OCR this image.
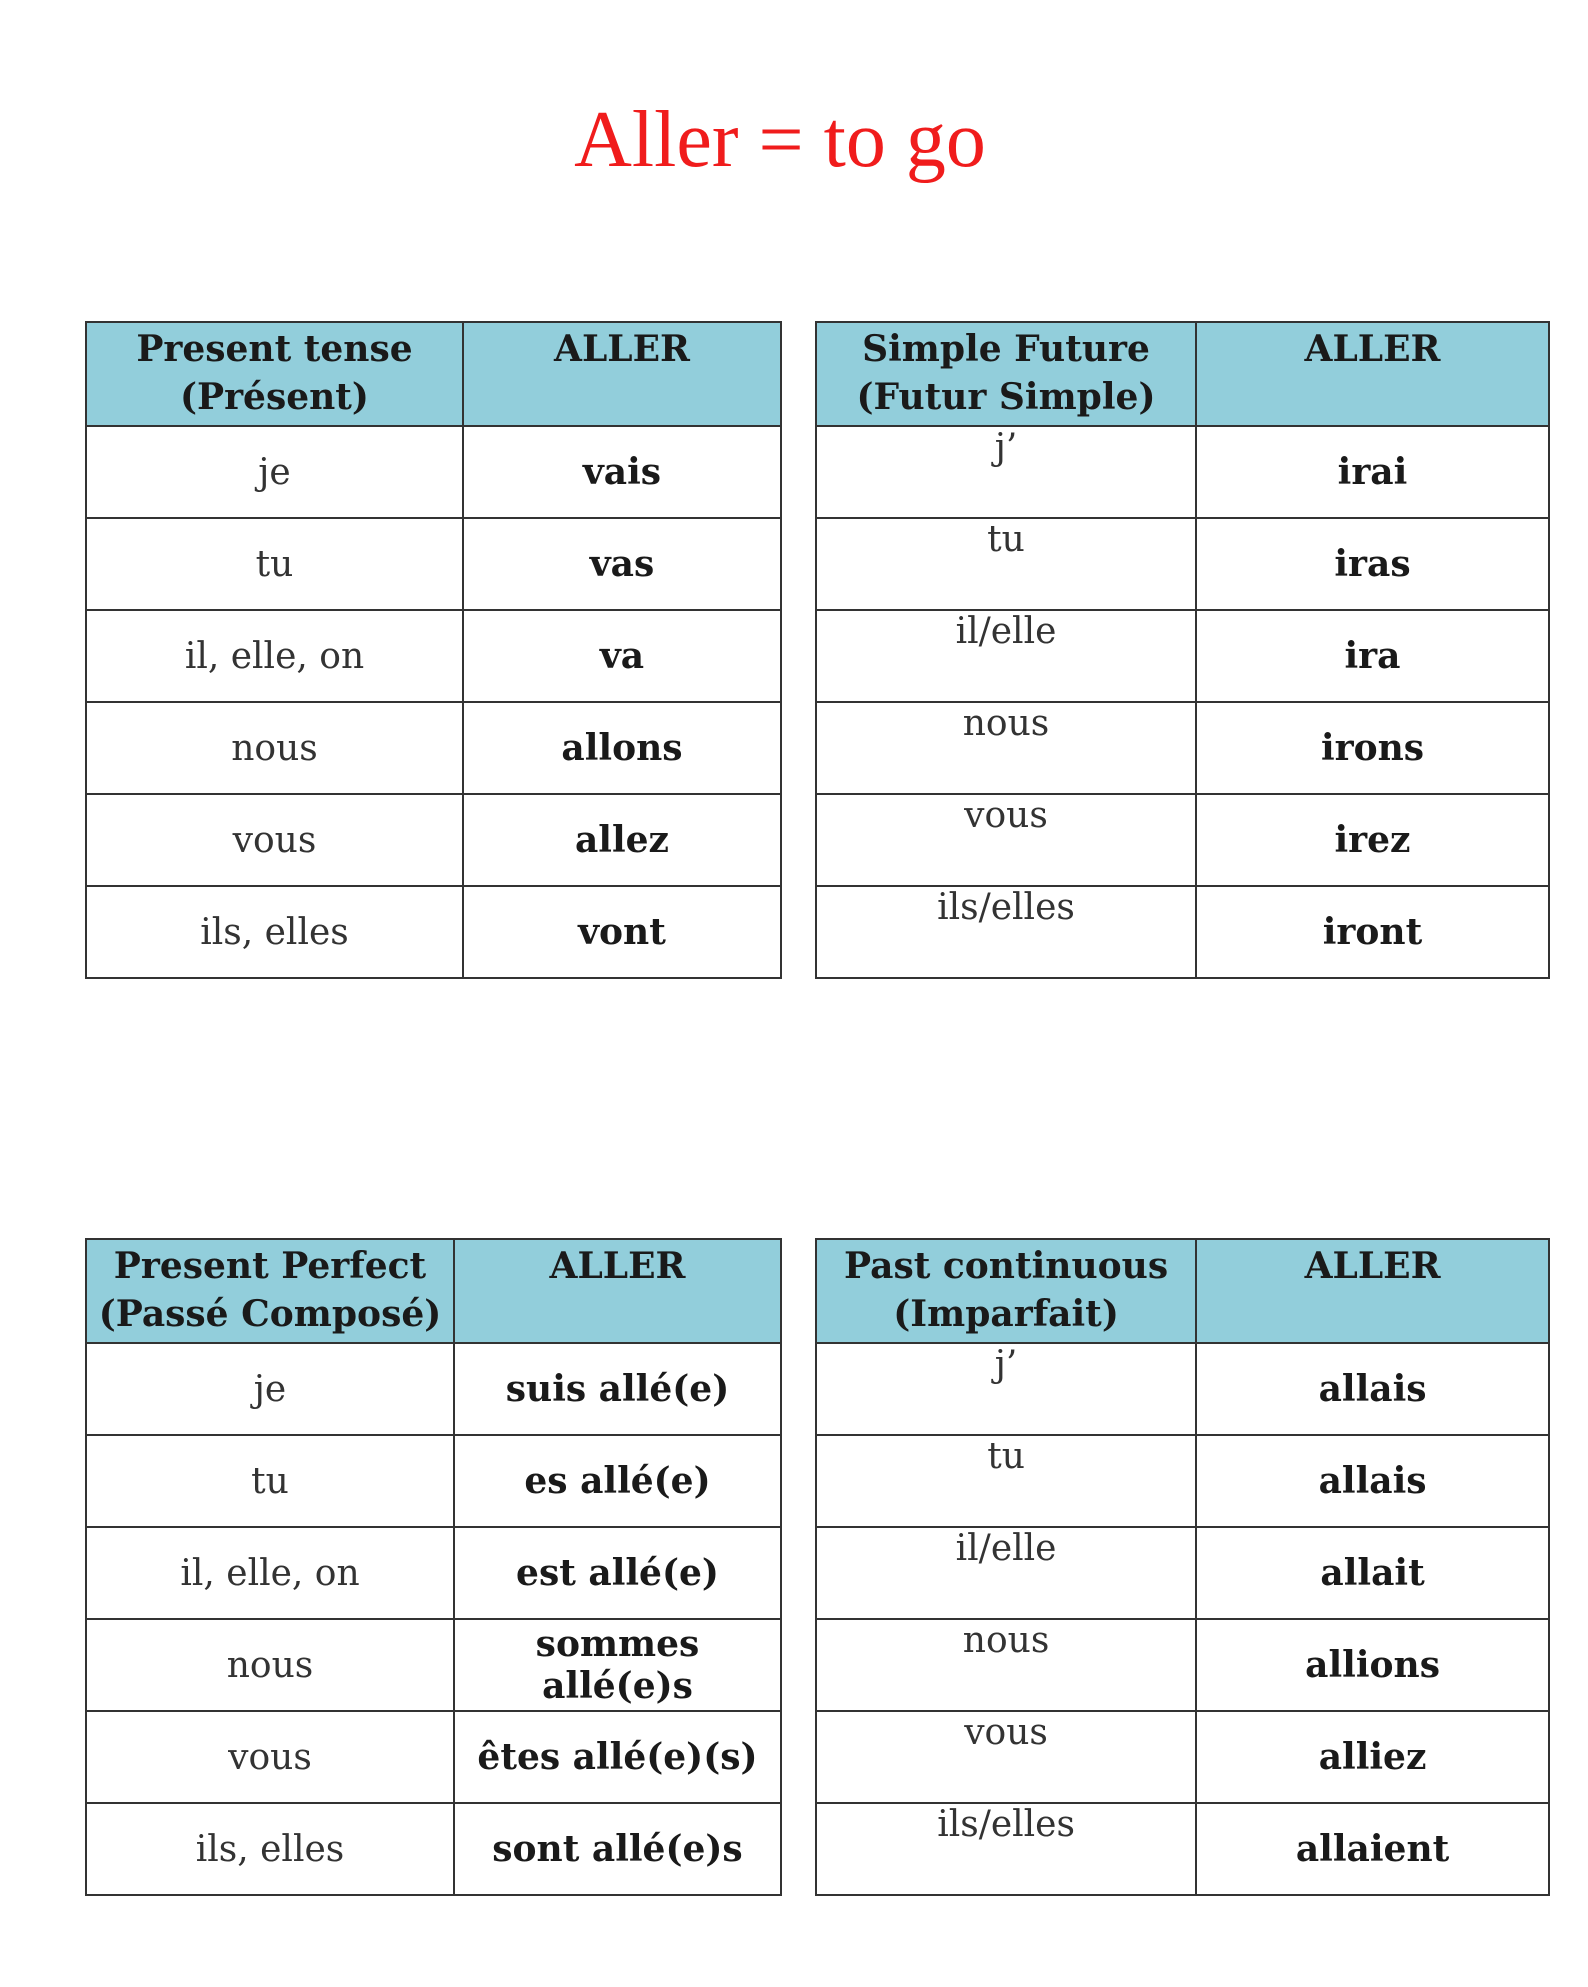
Aller = to go
Present tense
(Présent)	ALLER
je	vais
tu	vas
il, elle, on	va
nous	allons
vous	allez
ils, elles	vont
Simple Future
(Futur Simple)	ALLER
j’	irai
tu	iras
il/elle	ira
nous	irons
vous	irez
ils/elles	iront
Present Perfect
(Passé Composé)	ALLER
je	suis allé(e)
tu	es allé(e)
il, elle, on	est allé(e)
nous	sommes allé(e)s
vous	êtes allé(e)(s)
ils, elles	sont allé(e)s
Past continuous
(Imparfait)	ALLER
j’	allais
tu	allais
il/elle	allait
nous	allions
vous	alliez
ils/elles	allaient
